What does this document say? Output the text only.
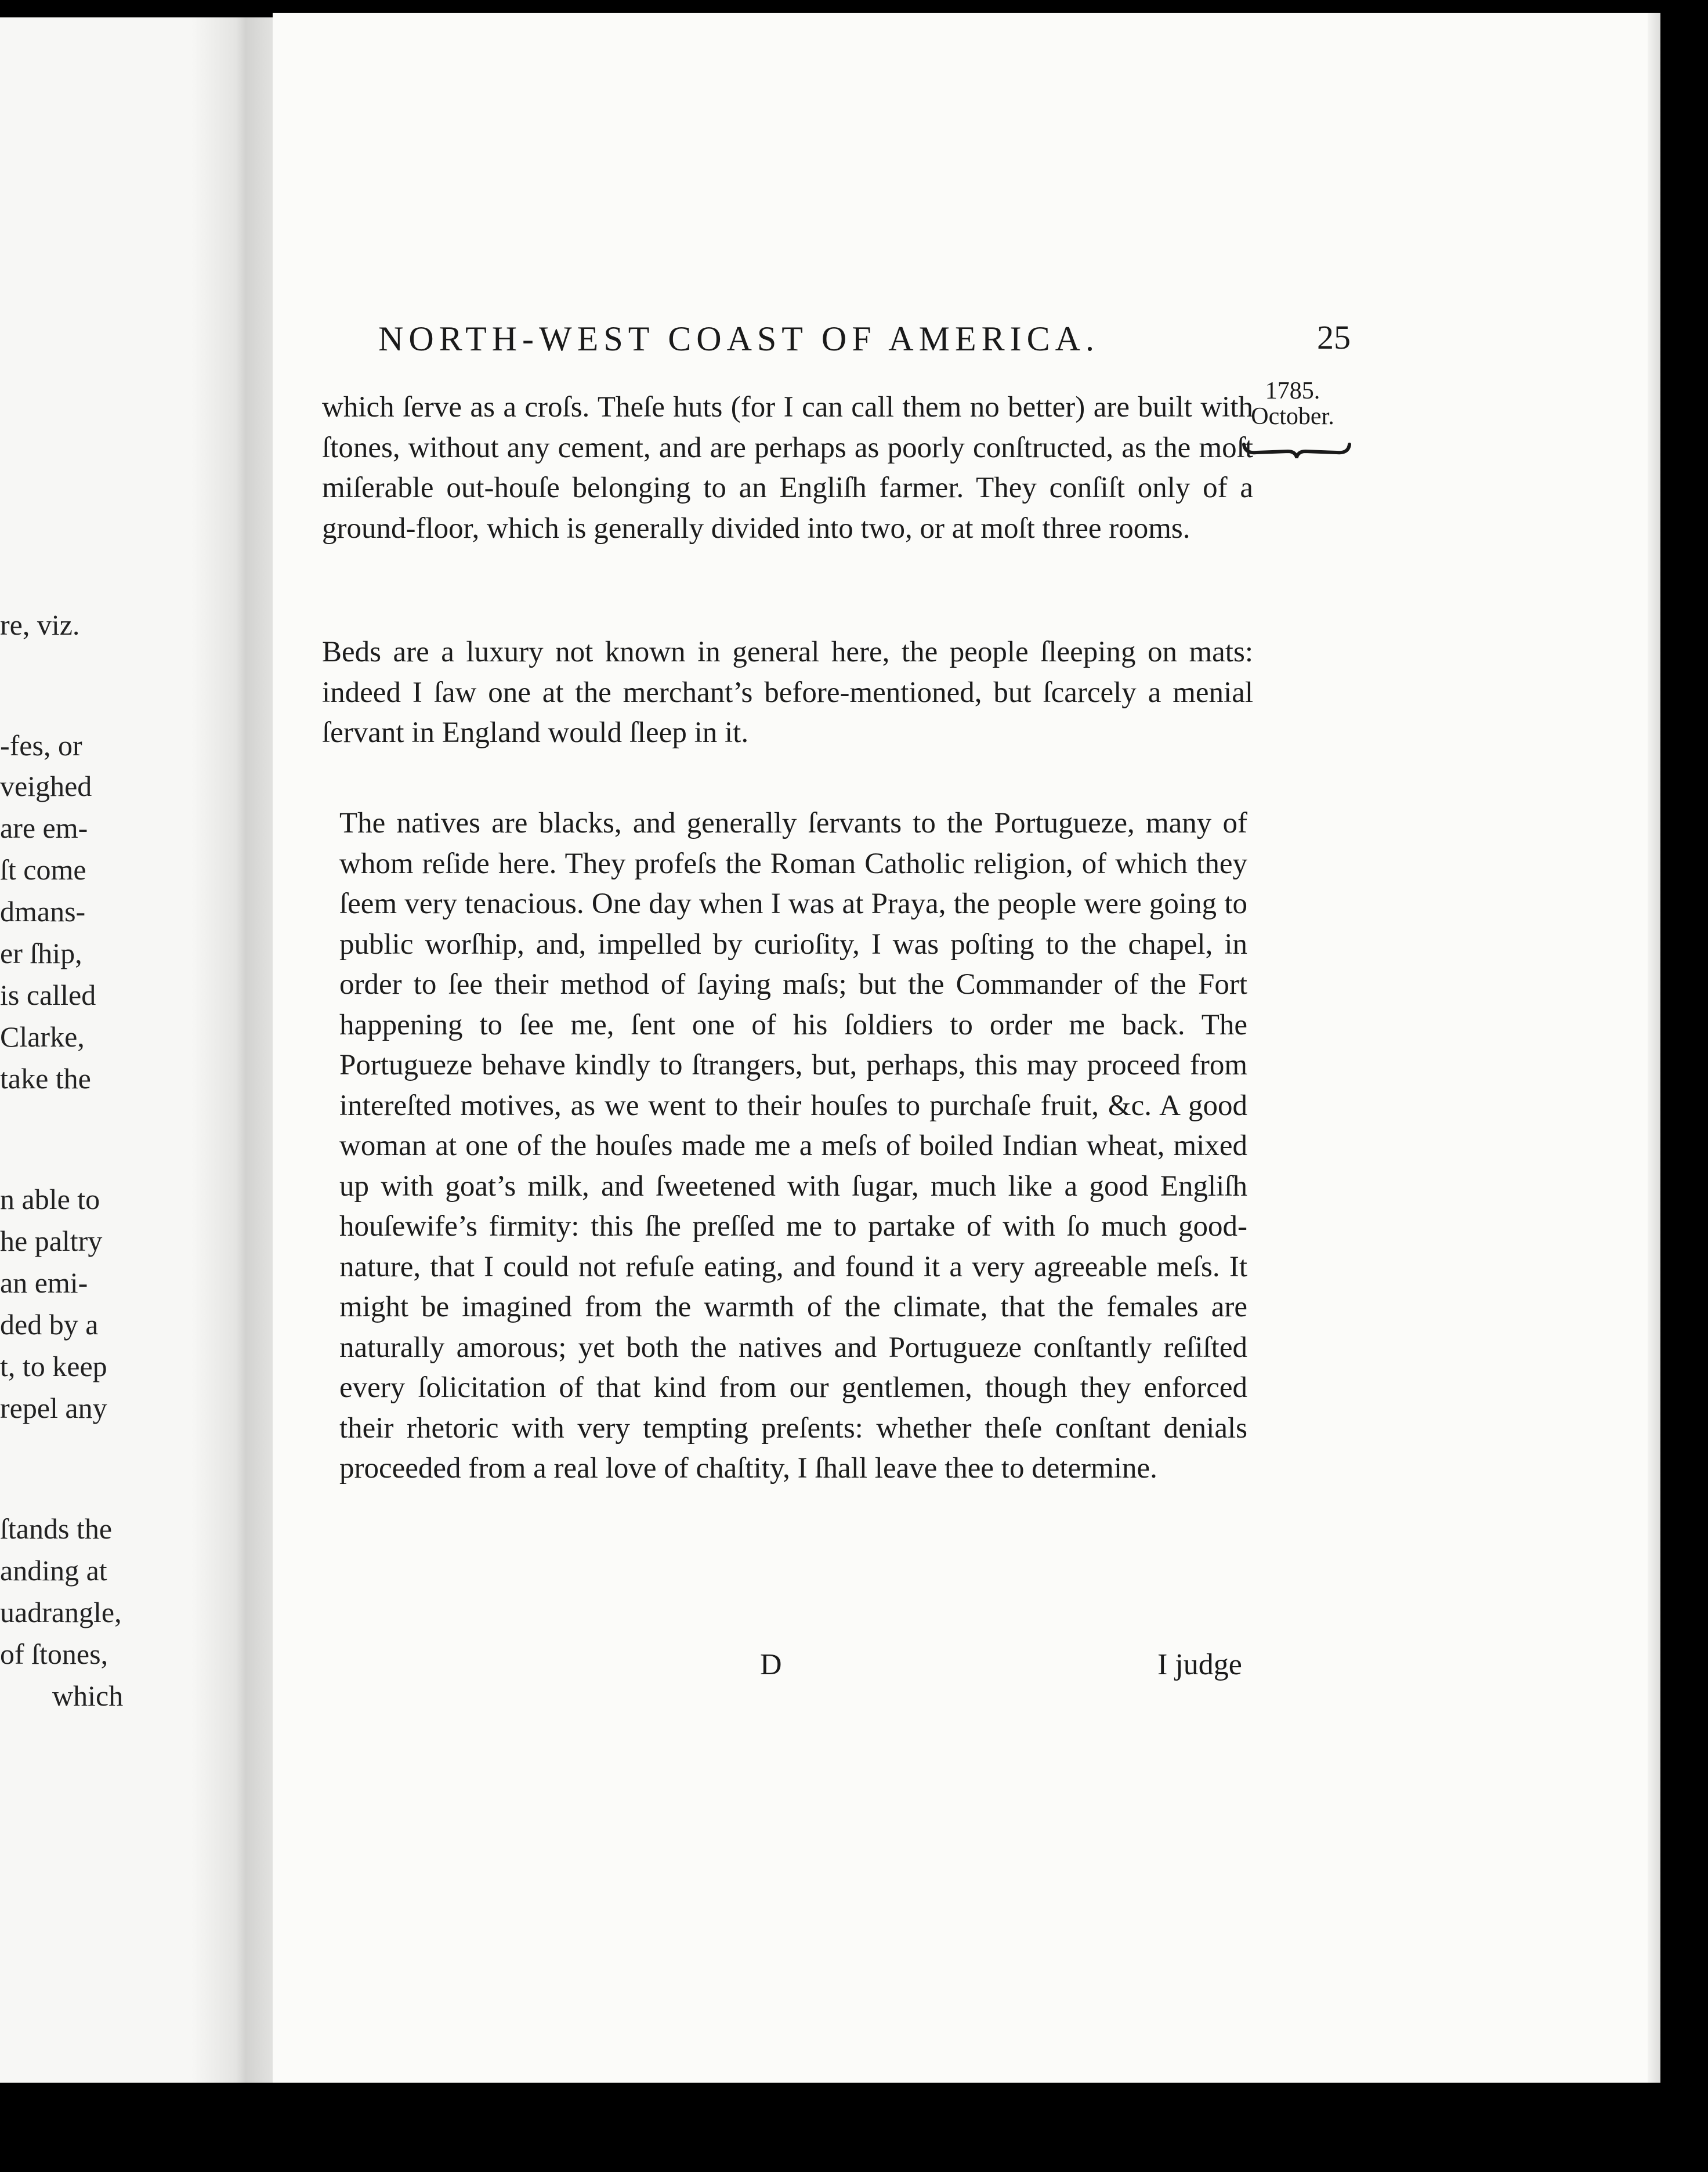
re, viz.
-fes, or
veighed
are em-
ſt come
dmans-
er ſhip,
is called
Clarke,
take the
n able to
he paltry
an emi-
ded by a
t, to keep
repel any
ſtands the
anding at
uadrangle,
of ſtones,
which
NORTH-WEST COAST OF AMERICA.	25
1785.
October.

which ſerve as a croſs. Theſe huts (for I can call them no better) are built with ſtones, without any cement, and are perhaps as poorly conſtructed, as the moſt miſerable out-houſe belonging to an Engliſh farmer. They conſiſt only of a ground-floor, which is generally divided into two, or at moſt three rooms.

Beds are a luxury not known in general here, the people ſleeping on mats: indeed I ſaw one at the merchant’s before-mentioned, but ſcarcely a menial ſervant in England would ſleep in it.

The natives are blacks, and generally ſervants to the Portugueze, many of whom reſide here. They profeſs the Roman Catholic religion, of which they ſeem very tenacious. One day when I was at Praya, the people were going to public worſhip, and, impelled by curioſity, I was poſting to the chapel, in order to ſee their method of ſaying maſs; but the Commander of the Fort happening to ſee me, ſent one of his ſoldiers to order me back. The Portugueze behave kindly to ſtrangers, but, perhaps, this may proceed from intereſted motives, as we went to their houſes to purchaſe fruit, &c. A good woman at one of the houſes made me a meſs of boiled Indian wheat, mixed up with goat’s milk, and ſweetened with ſugar, much like a good Engliſh houſewife’s firmity: this ſhe preſſed me to partake of with ſo much good-nature, that I could not refuſe eating, and found it a very agreeable meſs. It might be imagined from the warmth of the climate, that the females are naturally amorous; yet both the natives and Portugueze conſtantly reſiſted every ſolicitation of that kind from our gentlemen, though they enforced their rhetoric with very tempting preſents: whether theſe conſtant denials proceeded from a real love of chaſtity, I ſhall leave thee to determine.

D	I judge
